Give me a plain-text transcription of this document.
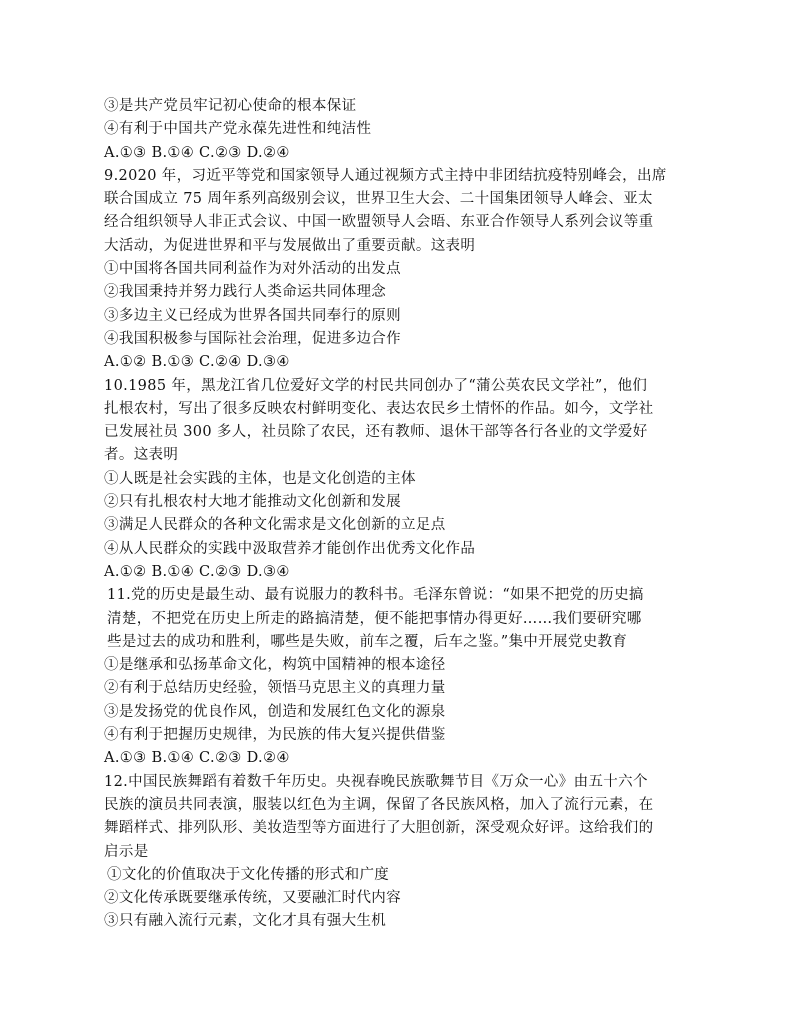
③是共产党员牢记初心使命的根本保证
④有利于中国共产党永葆先进性和纯洁性
A.①③ B.①④ C.②③ D.②④
9.2020 年，习近平等党和国家领导人通过视频方式主持中非团结抗疫特别峰会，出席
联合国成立 75 周年系列高级别会议，世界卫生大会、二十国集团领导人峰会、亚太
经合组织领导人非正式会议、中国一欧盟领导人会晤、东亚合作领导人系列会议等重
大活动，为促进世界和平与发展做出了重要贡献。这表明
①中国将各国共同利益作为对外活动的出发点
②我国秉持并努力践行人类命运共同体理念
③多边主义已经成为世界各国共同奉行的原则
④我国积极参与国际社会治理，促进多边合作
A.①② B.①③ C.②④ D.③④
10.1985 年，黑龙江省几位爱好文学的村民共同创办了“蒲公英农民文学社”，他们
扎根农村，写出了很多反映农村鲜明变化、表达农民乡土情怀的作品。如今，文学社
已发展社员 300 多人，社员除了农民，还有教师、退休干部等各行各业的文学爱好
者。这表明
①人既是社会实践的主体，也是文化创造的主体
②只有扎根农村大地才能推动文化创新和发展
③满足人民群众的各种文化需求是文化创新的立足点
④从人民群众的实践中汲取营养才能创作出优秀文化作品
A.①② B.①④ C.②③ D.③④
11.党的历史是最生动、最有说服力的教科书。毛泽东曾说：“如果不把党的历史搞
清楚，不把党在历史上所走的路搞清楚，便不能把事情办得更好……我们要研究哪
些是过去的成功和胜利，哪些是失败，前车之覆，后车之鉴。”集中开展党史教育
①是继承和弘扬革命文化，构筑中国精神的根本途径
②有利于总结历史经验，领悟马克思主义的真理力量
③是发扬党的优良作风，创造和发展红色文化的源泉
④有利于把握历史规律，为民族的伟大复兴提供借鉴
A.①③ B.①④ C.②③ D.②④
12.中国民族舞蹈有着数千年历史。央视春晚民族歌舞节目《万众一心》由五十六个
民族的演员共同表演，服装以红色为主调，保留了各民族风格，加入了流行元素，在
舞蹈样式、排列队形、美妆造型等方面进行了大胆创新，深受观众好评。这给我们的
启示是
①文化的价值取决于文化传播的形式和广度
②文化传承既要继承传统，又要融汇时代内容
③只有融入流行元素，文化才具有强大生机
